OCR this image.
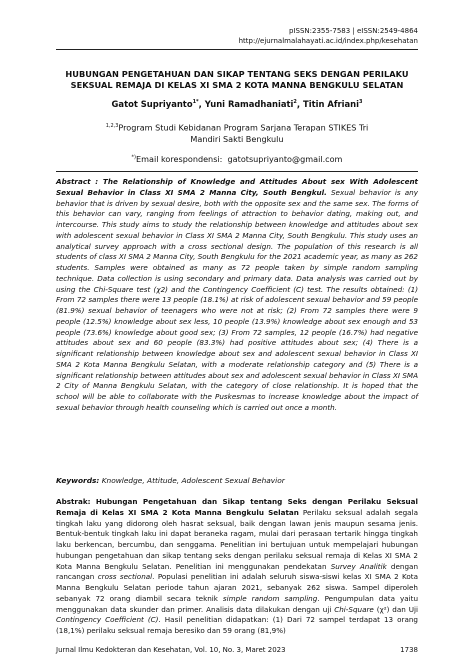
pISSN:2355-7583 | eISSN:2549-4864
http://ejurnalmalahayati.ac.id/index.php/kesehatan
HUBUNGAN PENGETAHUAN DAN SIKAP TENTANG SEKS DENGAN PERILAKU
SEKSUAL REMAJA DI KELAS XI SMA 2 KOTA MANNA BENGKULU SELATAN
Gatot Supriyanto$^{1*}$, Yuni Ramadhaniati$^2$, Titin Afriani$^3$
$^{1,2,3}$Program Studi Kebidanan Program Sarjana Terapan STIKES Tri
Mandiri Sakti Bengkulu
*)Email korespondensi: gatotsupriyanto@gmail.com
Abstract : The Relationship of Knowledge and Attitudes About sex With Adolescent Sexual Behavior in Class XI SMA 2 Manna City, South Bengkul. Sexual behavior is any behavior that is driven by sexual desire, both with the opposite sex and the same sex. The forms of this behavior can vary, ranging from feelings of attraction to behavior dating, making out, and intercourse. This study aims to study the relationship between knowledge and attitudes about sex with adolescent sexual behavior in Class XI SMA 2 Manna City, South Bengkulu. This study uses an analytical survey approach with a cross sectional design. The population of this research is all students of class XI SMA 2 Manna City, South Bengkulu for the 2021 academic year, as many as 262 students. Samples were obtained as many as 72 people taken by simple random sampling technique. Data collection is using secondary and primary data. Data analysis was carried out by using the Chi-Square test (χ2) and the Contingency Coefficient (C) test. The results obtained: (1) From 72 samples there were 13 people (18.1%) at risk of adolescent sexual behavior and 59 people (81.9%) sexual behavior of teenagers who were not at risk; (2) From 72 samples there were 9 people (12.5%) knowledge about sex less, 10 people (13.9%) knowledge about sex enough and 53 people (73.6%) knowledge about good sex; (3) From 72 samples, 12 people (16.7%) had negative attitudes about sex and 60 people (83.3%) had positive attitudes about sex; (4) There is a significant relationship between knowledge about sex and adolescent sexual behavior in Class XI SMA 2 Kota Manna Bengkulu Selatan, with a moderate relationship category and (5) There is a significant relationship between attitudes about sex and adolescent sexual behavior in Class XI SMA 2 City of Manna Bengkulu Selatan, with the category of close relationship. It is hoped that the school will be able to collaborate with the Puskesmas to increase knowledge about the impact of sexual behavior through health counseling which is carried out once a month.
Keywords: Knowledge, Attitude, Adolescent Sexual Behavior
Abstrak: Hubungan Pengetahuan dan Sikap tentang Seks dengan Perilaku Seksual Remaja di Kelas XI SMA 2 Kota Manna Bengkulu Selatan Perilaku seksual adalah segala tingkah laku yang didorong oleh hasrat seksual, baik dengan lawan jenis maupun sesama jenis. Bentuk-bentuk tingkah laku ini dapat beraneka ragam, mulai dari perasaan tertarik hingga tingkah laku berkencan, bercumbu, dan senggama. Penelitian ini bertujuan untuk mempelajari hubungan hubungan pengetahuan dan sikap tentang seks dengan perilaku seksual remaja di Kelas XI SMA 2 Kota Manna Bengkulu Selatan. Penelitian ini menggunakan pendekatan Survey Analitik dengan rancangan cross sectional. Populasi penelitian ini adalah seluruh siswa-siswi kelas XI SMA 2 Kota Manna Bengkulu Selatan periode tahun ajaran 2021, sebanyak 262 siswa. Sampel diperoleh sebanyak 72 orang diambil secara teknik simple random sampling. Pengumpulan data yaitu menggunakan data skunder dan primer. Analisis data dilakukan dengan uji Chi-Square (χ²) dan Uji Contingency Coefficient (C). Hasil penelitian didapatkan: (1) Dari 72 sampel terdapat 13 orang (18,1%) perilaku seksual remaja beresiko dan 59 orang (81,9%)
Jurnal Ilmu Kedokteran dan Kesehatan, Vol. 10, No. 3, Maret 2023	1738
